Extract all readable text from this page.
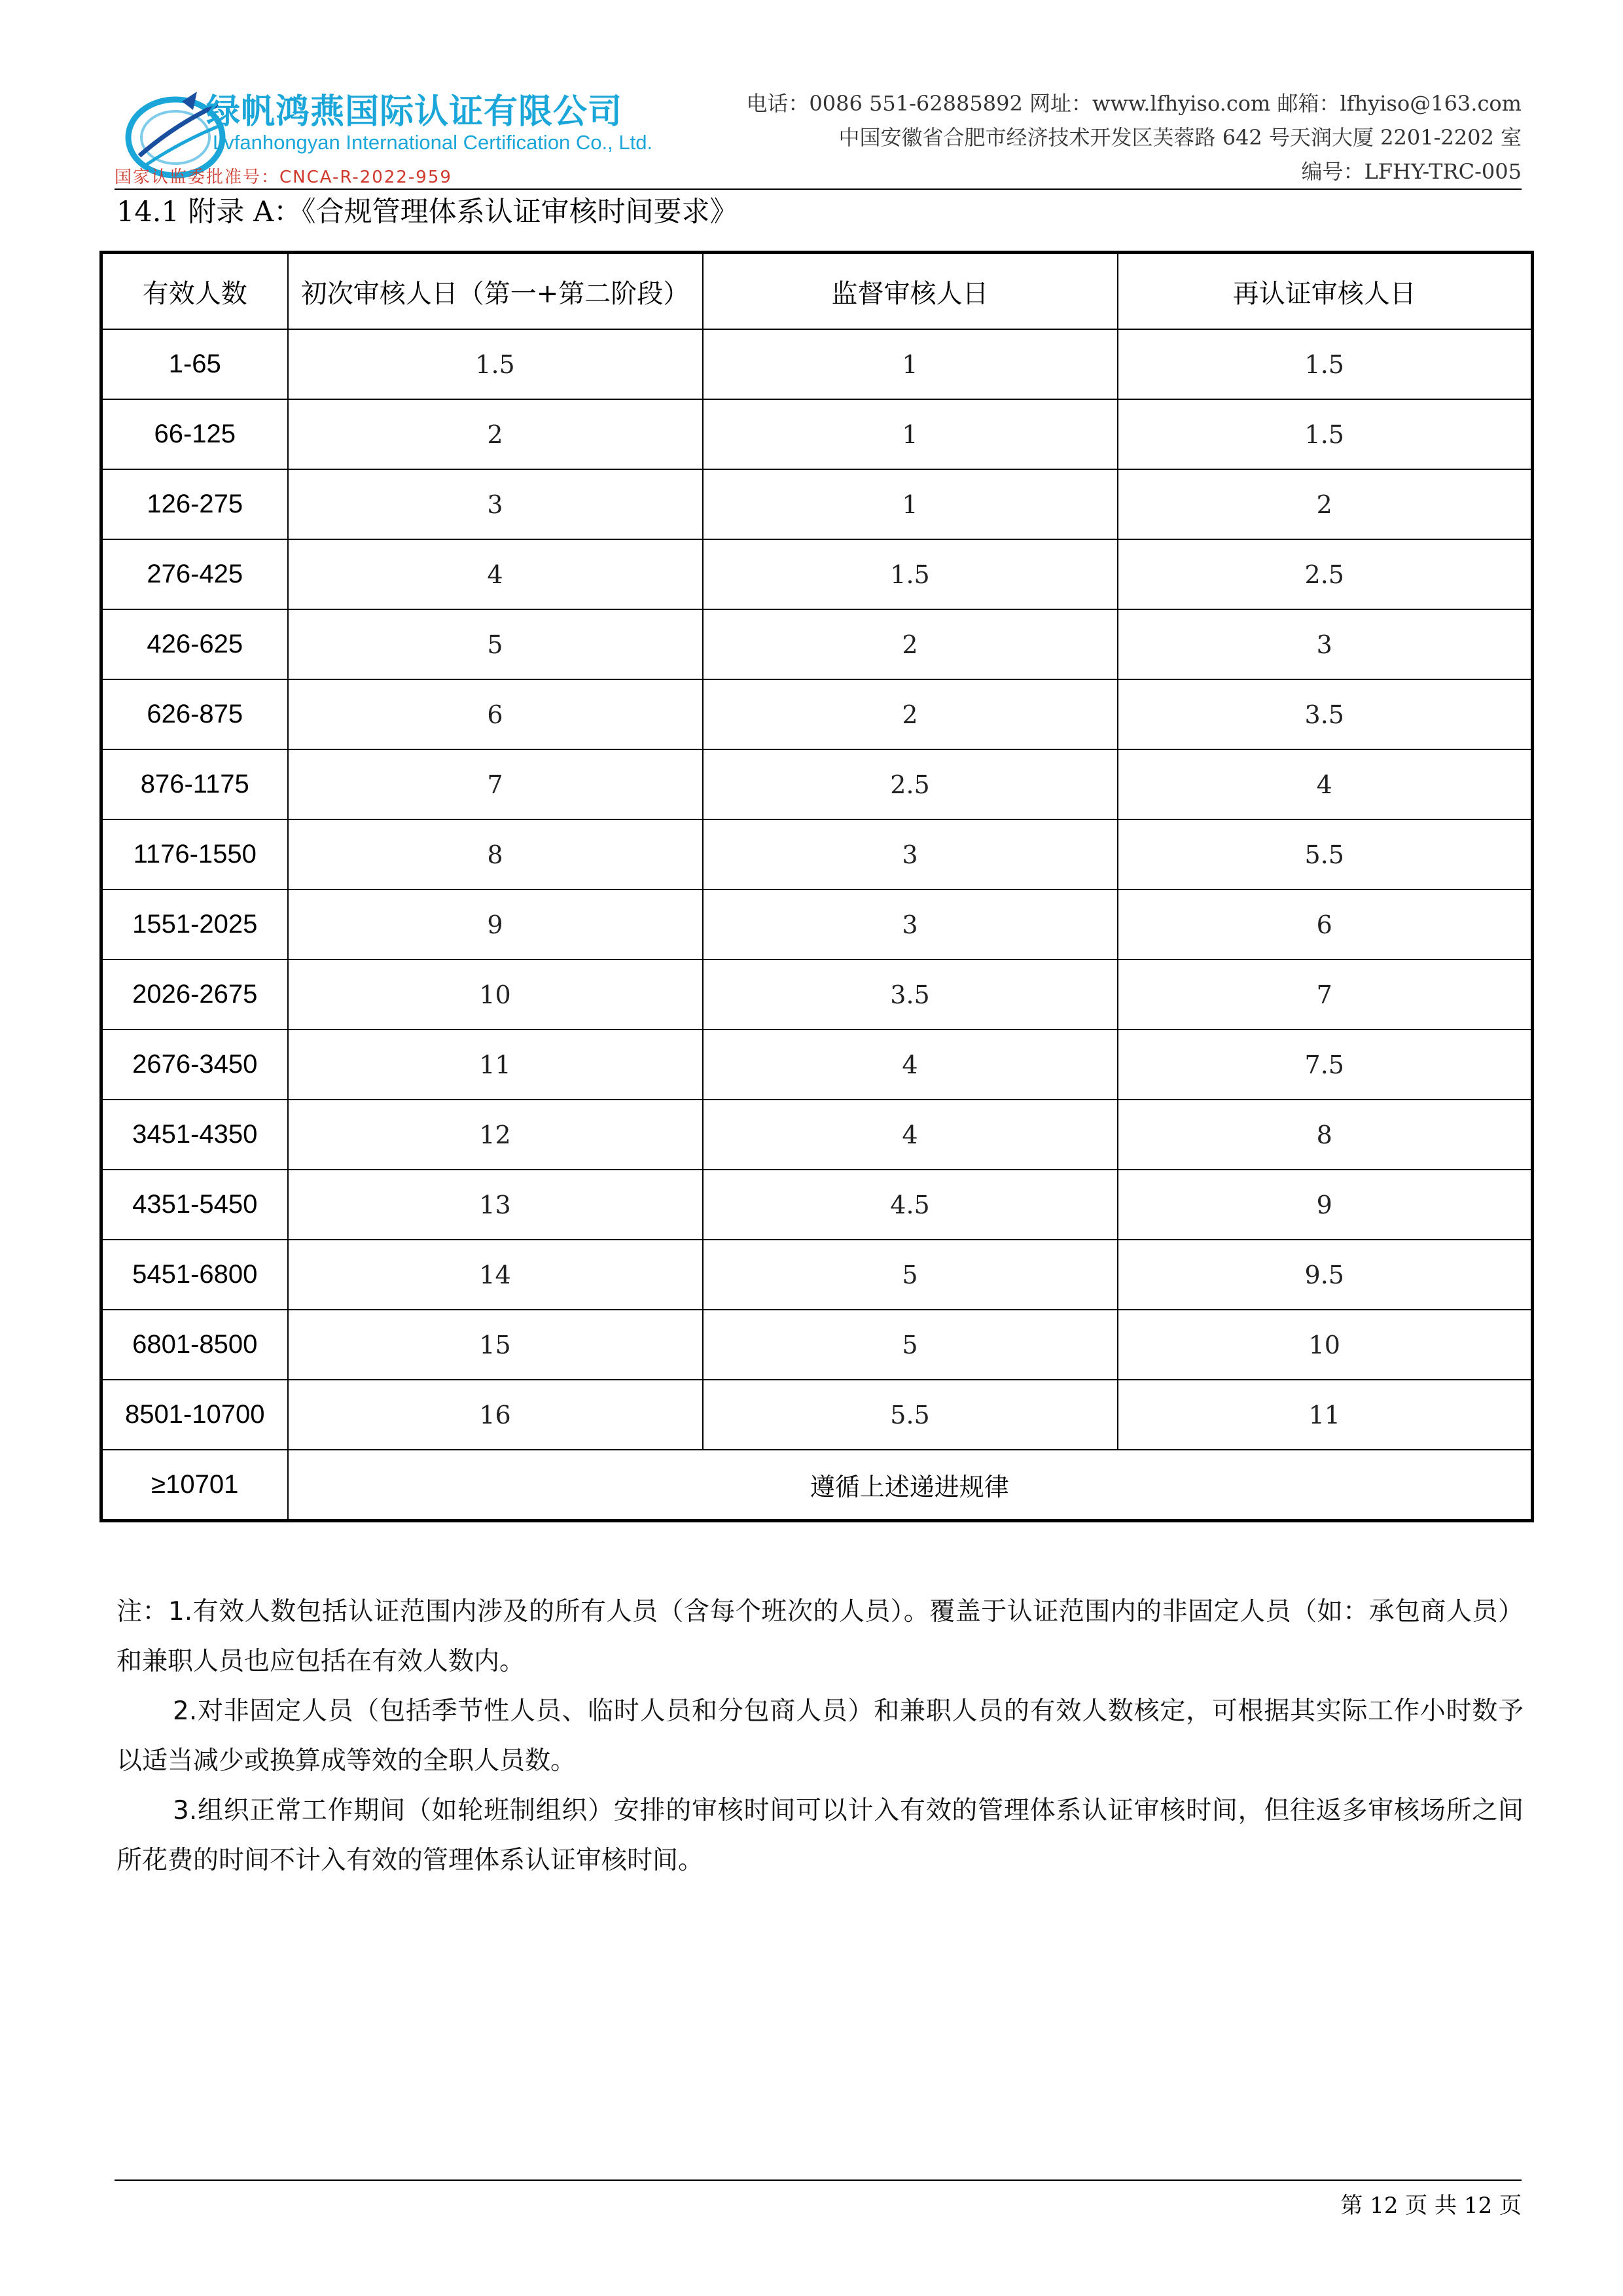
绿帆鸿燕国际认证有限公司
Lvfanhongyan International Certification Co., Ltd.
国家认监委批准号：CNCA-R-2022-959
电话：0086 551-62885892 网址：www.lfhyiso.com 邮箱：lfhyiso@163.com
中国安徽省合肥市经济技术开发区芙蓉路 642 号天润大厦 2201-2202 室
编号：LFHY-TRC-005
14.1 附录 A：《合规管理体系认证审核时间要求》
有效人数	初次审核人日（第一+第二阶段）	监督审核人日	再认证审核人日
1-65	1.5	1	1.5
66-125	2	1	1.5
126-275	3	1	2
276-425	4	1.5	2.5
426-625	5	2	3
626-875	6	2	3.5
876-1175	7	2.5	4
1176-1550	8	3	5.5
1551-2025	9	3	6
2026-2675	10	3.5	7
2676-3450	11	4	7.5
3451-4350	12	4	8
4351-5450	13	4.5	9
5451-6800	14	5	9.5
6801-8500	15	5	10
8501-10700	16	5.5	11
≥10701	遵循上述递进规律		

注：1.有效人数包括认证范围内涉及的所有人员（含每个班次的人员）。覆盖于认证范围内的非固定人员（如：承包商人员）和兼职人员也应包括在有效人数内。

2.对非固定人员（包括季节性人员、临时人员和分包商人员）和兼职人员的有效人数核定，可根据其实际工作小时数予以适当减少或换算成等效的全职人员数。

3.组织正常工作期间（如轮班制组织）安排的审核时间可以计入有效的管理体系认证审核时间，但往返多审核场所之间所花费的时间不计入有效的管理体系认证审核时间。

第 12 页 共 12 页
